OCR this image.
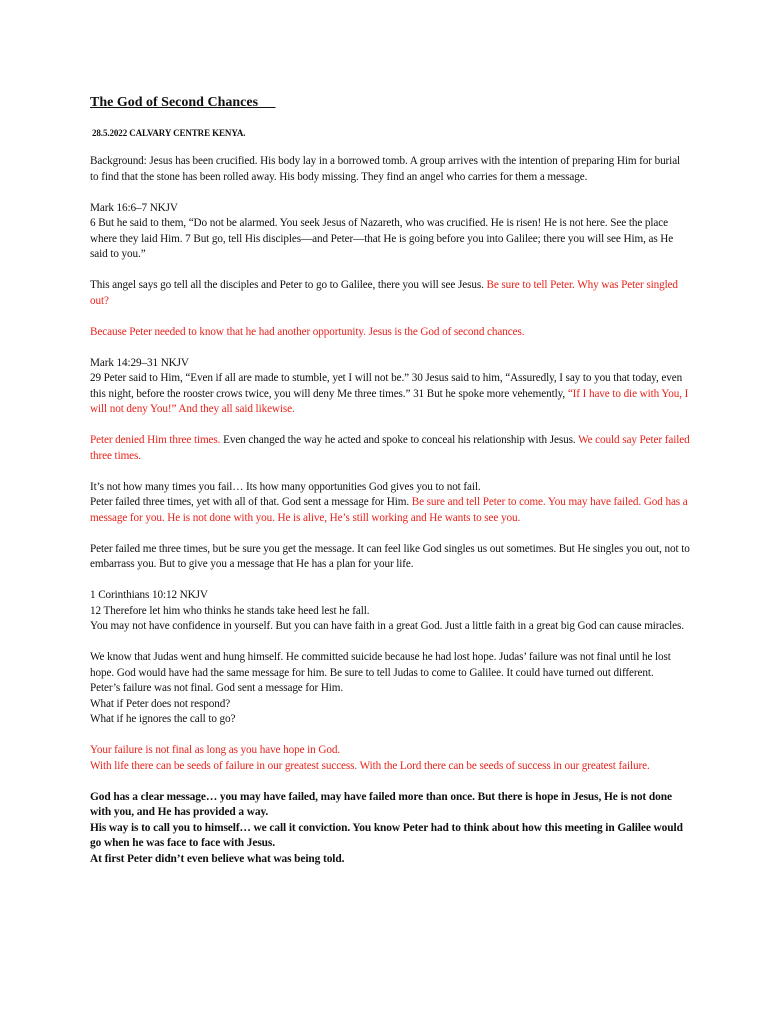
The God of Second Chances

28.5.2022 CALVARY CENTRE KENYA.

Background: Jesus has been crucified. His body lay in a borrowed tomb. A group arrives with the intention of preparing Him for burial to find that the stone has been rolled away. His body missing. They find an angel who carries for them a message.

Mark 16:6–7 NKJV

6 But he said to them, “Do not be alarmed. You seek Jesus of Nazareth, who was crucified. He is risen! He is not here. See the place where they laid Him. 7 But go, tell His disciples—and Peter—that He is going before you into Galilee; there you will see Him, as He said to you.”

This angel says go tell all the disciples and Peter to go to Galilee, there you will see Jesus. Be sure to tell Peter. Why was Peter singled out?

Because Peter needed to know that he had another opportunity. Jesus is the God of second chances.

Mark 14:29–31 NKJV

29 Peter said to Him, “Even if all are made to stumble, yet I will not be.” 30 Jesus said to him, “Assuredly, I say to you that today, even this night, before the rooster crows twice, you will deny Me three times.” 31 But he spoke more vehemently, “If I have to die with You, I will not deny You!” And they all said likewise.

Peter denied Him three times. Even changed the way he acted and spoke to conceal his relationship with Jesus. We could say Peter failed three times.

It’s not how many times you fail… Its how many opportunities God gives you to not fail.

Peter failed three times, yet with all of that. God sent a message for Him. Be sure and tell Peter to come. You may have failed. God has a message for you. He is not done with you. He is alive, He’s still working and He wants to see you.

Peter failed me three times, but be sure you get the message. It can feel like God singles us out sometimes. But He singles you out, not to embarrass you. But to give you a message that He has a plan for your life.

1 Corinthians 10:12 NKJV

12 Therefore let him who thinks he stands take heed lest he fall.

You may not have confidence in yourself. But you can have faith in a great God. Just a little faith in a great big God can cause miracles.

We know that Judas went and hung himself. He committed suicide because he had lost hope. Judas’ failure was not final until he lost hope. God would have had the same message for him. Be sure to tell Judas to come to Galilee. It could have turned out different.

Peter’s failure was not final. God sent a message for Him.

What if Peter does not respond?

What if he ignores the call to go?

Your failure is not final as long as you have hope in God.

With life there can be seeds of failure in our greatest success. With the Lord there can be seeds of success in our greatest failure.

God has a clear message… you may have failed, may have failed more than once. But there is hope in Jesus, He is not done with you, and He has provided a way.

His way is to call you to himself… we call it conviction. You know Peter had to think about how this meeting in Galilee would go when he was face to face with Jesus.

At first Peter didn’t even believe what was being told.
